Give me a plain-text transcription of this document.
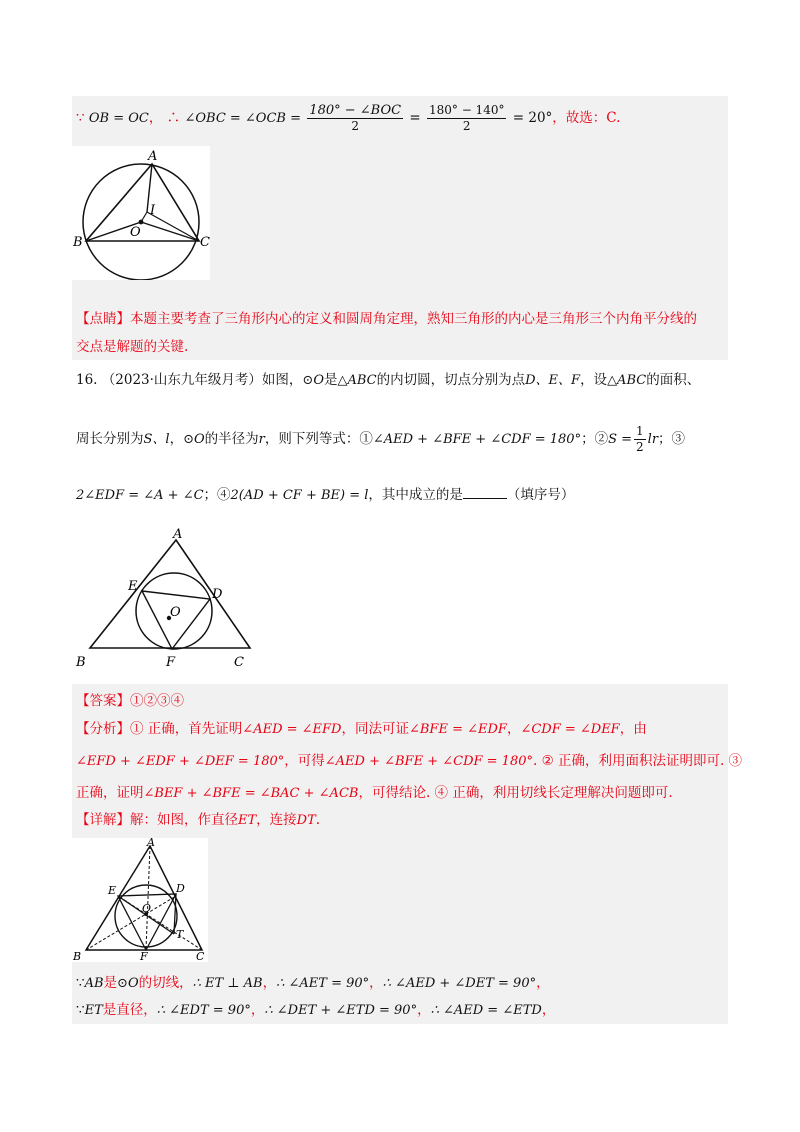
∵ OB = OC， ∴ ∠OBC = ∠OCB = $\frac{\text{180° − ∠BOC}}{2} = \frac{180^\circ - 140^\circ}{2} = 20^\circ$，故选：C.
A
I
O
B	C
【点睛】本题主要考查了三角形内心的定义和圆周角定理，熟知三角形的内心是三角形三个内角平分线的
交点是解题的关键.
16. （2023·山东九年级月考）如图，⊙O是△ABC的内切圆，切点分别为点D、E、F，设△ABC的面积、
周长分别为S、l，⊙O的半径为r，则下列等式：①∠AED + ∠BFE + ∠CDF = 180°；②S = $\frac{1}{2}$ lr；③
2∠EDF = ∠A + ∠C；④2(AD + CF + BE) = l，其中成立的是	（填序号）
A
E
D
O
B	F	C
【答案】①②③④
【分析】① 正确，首先证明∠AED = ∠EFD，同法可证∠BFE = ∠EDF，∠CDF = ∠DEF，由
∠EFD + ∠EDF + ∠DEF = 180°，可得∠AED + ∠BFE + ∠CDF = 180°. ② 正确，利用面积法证明即可. ③
正确，证明∠BEF + ∠BFE = ∠BAC + ∠ACB，可得结论. ④ 正确，利用切线长定理解决问题即可.
【详解】解：如图，作直径ET，连接DT.
A
E	D
O
T
B	F	C
∵AB是⊙O的切线，∴ ET ⊥ AB，∴ ∠AET = 90°，∴ ∠AED + ∠DET = 90°，
∵ET是直径，∴ ∠EDT = 90°，∴ ∠DET + ∠ETD = 90°，∴ ∠AED = ∠ETD，
